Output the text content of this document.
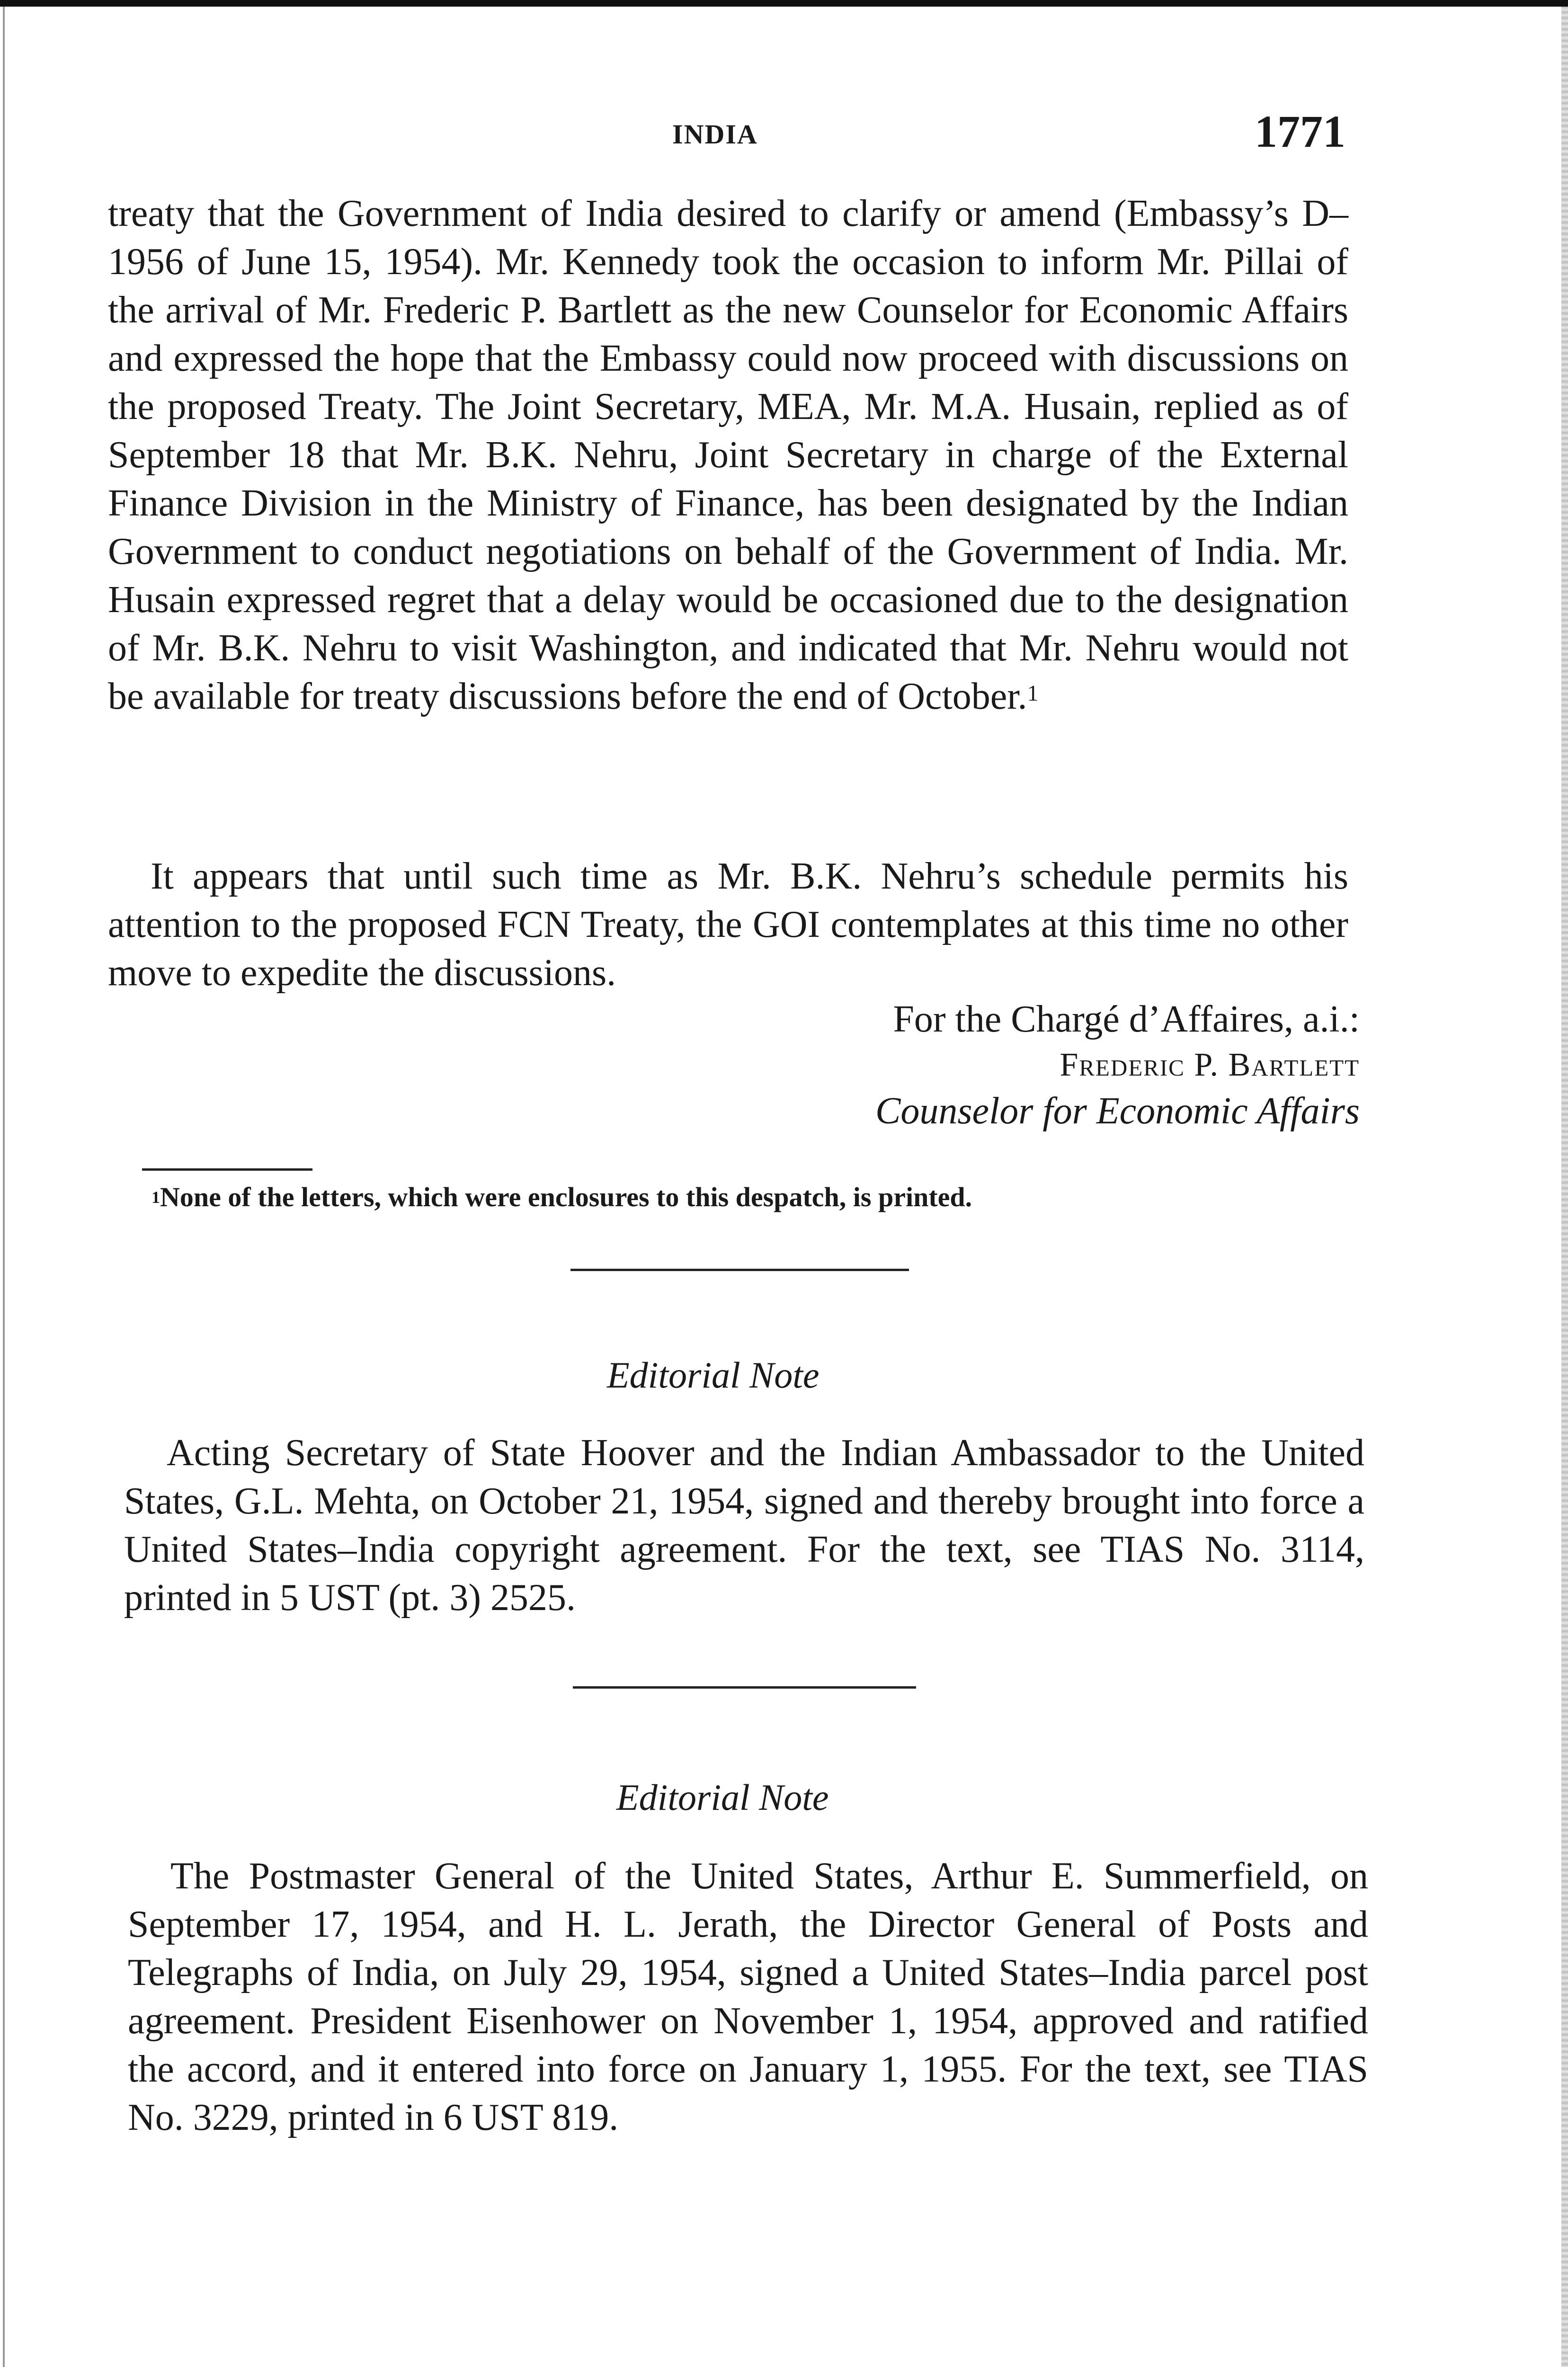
INDIA	1771

treaty that the Government of India desired to clarify or amend (Embassy’s D–1956 of June 15, 1954). Mr. Kennedy took the occasion to inform Mr. Pillai of the arrival of Mr. Frederic P. Bartlett as the new Counselor for Economic Affairs and expressed the hope that the Embassy could now proceed with discussions on the proposed Treaty. The Joint Secretary, MEA, Mr. M.A. Husain, replied as of September 18 that Mr. B.K. Nehru, Joint Secretary in charge of the External Finance Division in the Ministry of Finance, has been designated by the Indian Government to conduct negotiations on behalf of the Government of India. Mr. Husain expressed regret that a delay would be occasioned due to the designation of Mr. B.K. Nehru to visit Washington, and indicated that Mr. Nehru would not be available for treaty discussions before the end of October.$^1$

It appears that until such time as Mr. B.K. Nehru’s schedule permits his attention to the proposed FCN Treaty, the GOI contemplates at this time no other move to expedite the discussions.

For the Chargé d’Affaires, a.i.:
Frederic P. Bartlett
Counselor for Economic Affairs
$^1$None of the letters, which were enclosures to this despatch, is printed.
Editorial Note

Acting Secretary of State Hoover and the Indian Ambassador to the United States, G.L. Mehta, on October 21, 1954, signed and thereby brought into force a United States–India copyright agreement. For the text, see TIAS No. 3114, printed in 5 UST (pt. 3) 2525.

Editorial Note

The Postmaster General of the United States, Arthur E. Summerfield, on September 17, 1954, and H. L. Jerath, the Director General of Posts and Telegraphs of India, on July 29, 1954, signed a United States–India parcel post agreement. President Eisenhower on November 1, 1954, approved and ratified the accord, and it entered into force on January 1, 1955. For the text, see TIAS No. 3229, printed in 6 UST 819.
